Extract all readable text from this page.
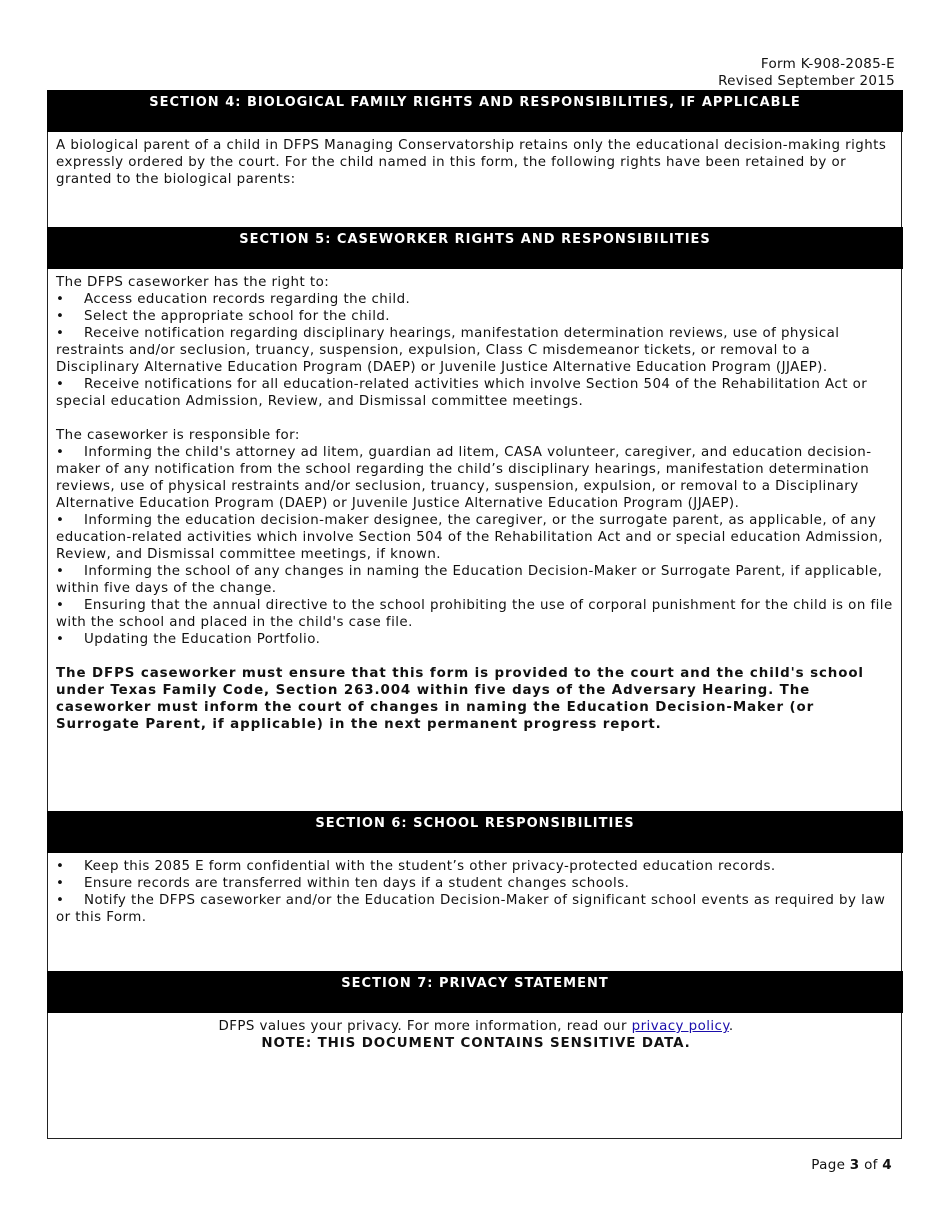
Form K-908-2085-E
Revised September 2015
SECTION 4: BIOLOGICAL FAMILY RIGHTS AND RESPONSIBILITIES, IF APPLICABLE

A biological parent of a child in DFPS Managing Conservatorship retains only the educational decision-making rights expressly ordered by the court. For the child named in this form, the following rights have been retained by or granted to the biological parents:

SECTION 5: CASEWORKER RIGHTS AND RESPONSIBILITIES

The DFPS caseworker has the right to:

• Access education records regarding the child.

• Select the appropriate school for the child.

• Receive notification regarding disciplinary hearings, manifestation determination reviews, use of physical restraints and/or seclusion, truancy, suspension, expulsion, Class C misdemeanor tickets, or removal to a Disciplinary Alternative Education Program (DAEP) or Juvenile Justice Alternative Education Program (JJAEP).

• Receive notifications for all education-related activities which involve Section 504 of the Rehabilitation Act or special education Admission, Review, and Dismissal committee meetings.

The caseworker is responsible for:

• Informing the child's attorney ad litem, guardian ad litem, CASA volunteer, caregiver, and education decision-maker of any notification from the school regarding the child’s disciplinary hearings, manifestation determination reviews, use of physical restraints and/or seclusion, truancy, suspension, expulsion, or removal to a Disciplinary Alternative Education Program (DAEP) or Juvenile Justice Alternative Education Program (JJAEP).

• Informing the education decision-maker designee, the caregiver, or the surrogate parent, as applicable, of any education-related activities which involve Section 504 of the Rehabilitation Act and or special education Admission, Review, and Dismissal committee meetings, if known.

• Informing the school of any changes in naming the Education Decision-Maker or Surrogate Parent, if applicable, within five days of the change.

• Ensuring that the annual directive to the school prohibiting the use of corporal punishment for the child is on file with the school and placed in the child's case file.

• Updating the Education Portfolio.

The DFPS caseworker must ensure that this form is provided to the court and the child's school under Texas Family Code, Section 263.004 within five days of the Adversary Hearing. The caseworker must inform the court of changes in naming the Education Decision-Maker (or Surrogate Parent, if applicable) in the next permanent progress report.

SECTION 6: SCHOOL RESPONSIBILITIES

• Keep this 2085 E form confidential with the student’s other privacy-protected education records.

• Ensure records are transferred within ten days if a student changes schools.

• Notify the DFPS caseworker and/or the Education Decision-Maker of significant school events as required by law or this Form.

SECTION 7: PRIVACY STATEMENT

DFPS values your privacy. For more information, read our privacy policy.

NOTE: THIS DOCUMENT CONTAINS SENSITIVE DATA.

Page 3 of 4
